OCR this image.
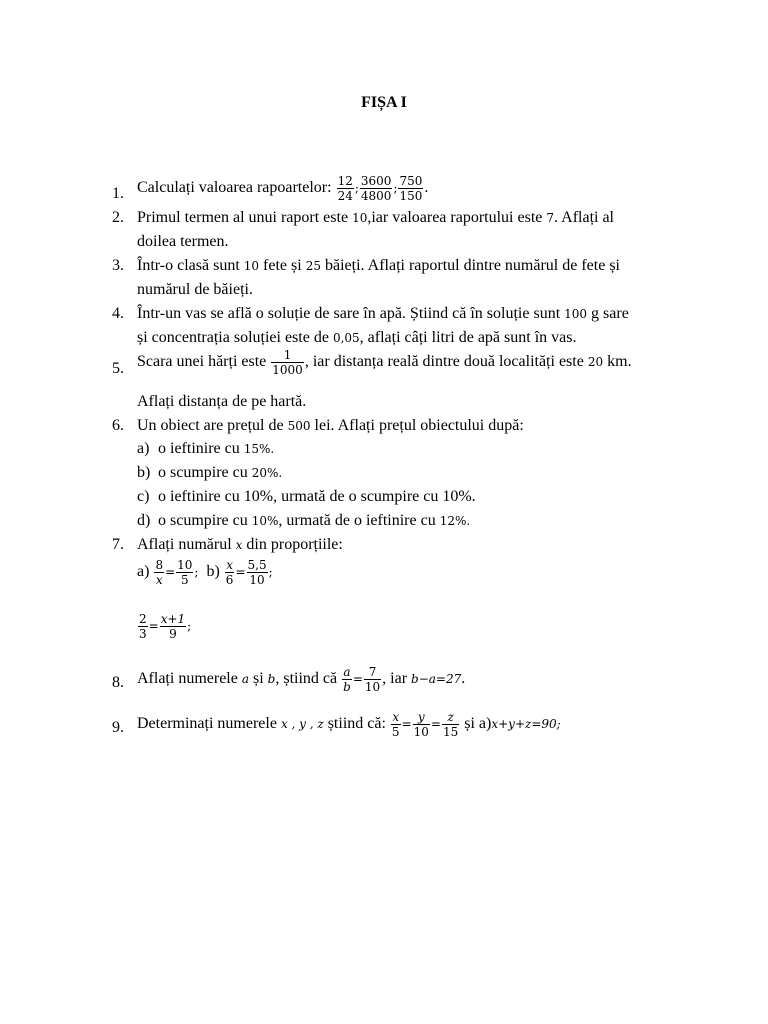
FIȘA I
1. Calculați valoarea rapoartelor: $\frac{12}{24}$ ; $\frac{3600}{4800}$ ; $\frac{750}{150}$ .
2. Primul termen al unui raport este 10,iar valoarea raportului este 7. Aflați al
doilea termen.
3. Într-o clasă sunt 10 fete și 25 băieți. Aflați raportul dintre numărul de fete și
numărul de băieți.
4. Într-un vas se află o soluție de sare în apă. Știind că în soluție sunt 100 g sare
și concentrația soluției este de 0,05, aflați câți litri de apă sunt în vas.
5. Scara unei hărți este $\frac{1}{1000}$ , iar distanța reală dintre două localități este 20 km.
Aflați distanța de pe hartă.
6. Un obiect are prețul de 500 lei. Aflați prețul obiectului după:
a) o ieftinire cu 15%.
b) o scumpire cu 20%.
c) o ieftinire cu 10%, urmată de o scumpire cu 10%.
d) o scumpire cu 10%, urmată de o ieftinire cu 12%.
7. Aflați numărul x din proporțiile:
$a) \frac{8}{x} = \frac{10}{5}$ ; $b) \frac{x}{6} = \frac{5,5}{10}$ ;
$\frac{2}{3} = \frac{x+1}{9}$ ;
8. Aflați numerele a și b, știind că $\frac{a}{b} = \frac{7}{10}$ , iar b−a=27.
9. Determinați numerele x , y , z știind că: $\frac{x}{5} = \frac{y}{10} = \frac{z}{15}$ și a)x+y+z=90;
